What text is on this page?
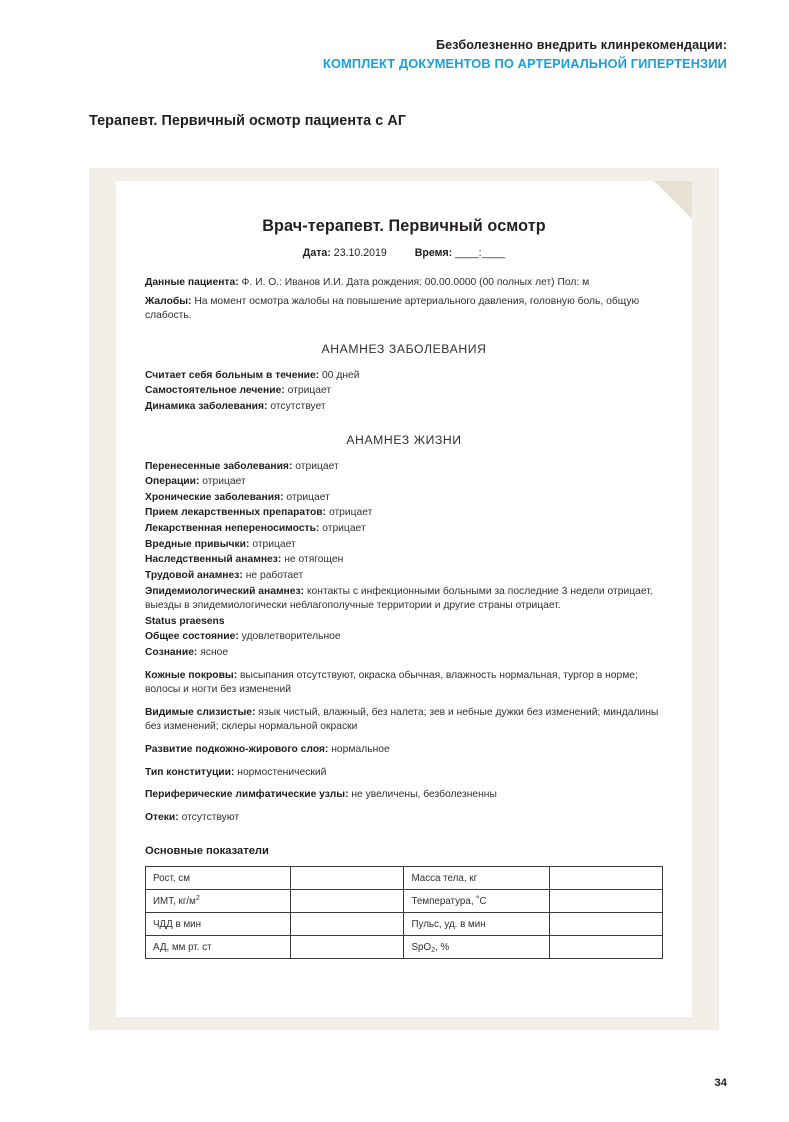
Безболезненно внедрить клинрекомендации:
КОМПЛЕКТ ДОКУМЕНТОВ ПО АРТЕРИАЛЬНОЙ ГИПЕРТЕНЗИИ
Терапевт. Первичный осмотр пациента с АГ
Врач-терапевт. Первичный осмотр
Дата: 23.10.2019	Время: ____:____

Данные пациента: Ф. И. О.: Иванов И.И. Дата рождения: 00.00.0000 (00 полных лет) Пол: м

Жалобы: На момент осмотра жалобы на повышение артериального давления, головную боль, общую слабость.

АНАМНЕЗ ЗАБОЛЕВАНИЯ

Считает себя больным в течение: 00 дней

Самостоятельное лечение: отрицает

Динамика заболевания: отсутствует

АНАМНЕЗ ЖИЗНИ

Перенесенные заболевания: отрицает

Операции: отрицает

Хронические заболевания: отрицает

Прием лекарственных препаратов: отрицает

Лекарственная непереносимость: отрицает

Вредные привычки: отрицает

Наследственный анамнез: не отягощен

Трудовой анамнез: не работает

Эпидемиологический анамнез: контакты с инфекционными больными за последние 3 недели отрицает, выезды в эпидемиологически неблагополучные территории и другие страны отрицает.

Status praesens

Общее состояние: удовлетворительное

Сознание: ясное

Кожные покровы: высыпания отсутствуют, окраска обычная, влажность нормальная, тургор в норме; волосы и ногти без изменений

Видимые слизистые: язык чистый, влажный, без налета; зев и небные дужки без изменений; миндалины без изменений; склеры нормальной окраски

Развитие подкожно-жирового слоя: нормальное

Тип конституции: нормостенический

Периферические лимфатические узлы: не увеличены, безболезненны

Отеки: отсутствуют

Основные показатели
Рост, см		Масса тела, кг	
ИМТ, $кг/м^2$		Температура, ˚С	
ЧДД в мин		Пульс, уд. в мин	
АД, мм рт. ст		SpO$_2$, %	
34
